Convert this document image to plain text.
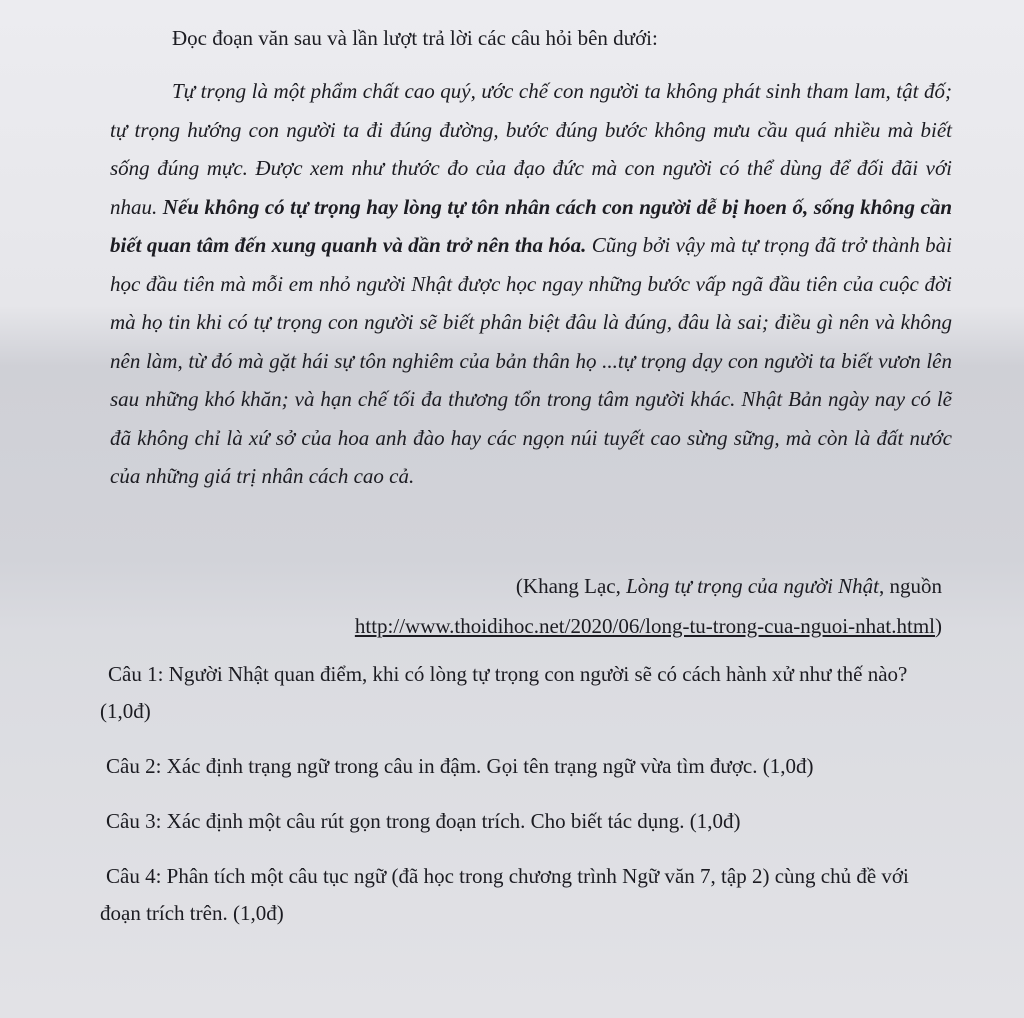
Đọc đoạn văn sau và lần lượt trả lời các câu hỏi bên dưới:

Tự trọng là một phẩm chất cao quý, ước chế con người ta không phát sinh tham lam, tật đố; tự trọng hướng con người ta đi đúng đường, bước đúng bước không mưu cầu quá nhiều mà biết sống đúng mực. Được xem như thước đo của đạo đức mà con người có thể dùng để đối đãi với nhau. Nếu không có tự trọng hay lòng tự tôn nhân cách con người dễ bị hoen ố, sống không cần biết quan tâm đến xung quanh và dần trở nên tha hóa. Cũng bởi vậy mà tự trọng đã trở thành bài học đầu tiên mà mỗi em nhỏ người Nhật được học ngay những bước vấp ngã đầu tiên của cuộc đời mà họ tin khi có tự trọng con người sẽ biết phân biệt đâu là đúng, đâu là sai; điều gì nên và không nên làm, từ đó mà gặt hái sự tôn nghiêm của bản thân họ ...tự trọng dạy con người ta biết vươn lên sau những khó khăn; và hạn chế tối đa thương tổn trong tâm người khác. Nhật Bản ngày nay có lẽ đã không chỉ là xứ sở của hoa anh đào hay các ngọn núi tuyết cao sừng sững, mà còn là đất nước của những giá trị nhân cách cao cả.

(Khang Lạc, Lòng tự trọng của người Nhật, nguồn
http://www.thoidihoc.net/2020/06/long-tu-trong-cua-nguoi-nhat.html)

Câu 1: Người Nhật quan điểm, khi có lòng tự trọng con người sẽ có cách hành xử như thế nào? (1,0đ)

Câu 2: Xác định trạng ngữ trong câu in đậm. Gọi tên trạng ngữ vừa tìm được. (1,0đ)

Câu 3: Xác định một câu rút gọn trong đoạn trích. Cho biết tác dụng. (1,0đ)

Câu 4: Phân tích một câu tục ngữ (đã học trong chương trình Ngữ văn 7, tập 2) cùng chủ đề với đoạn trích trên. (1,0đ)
